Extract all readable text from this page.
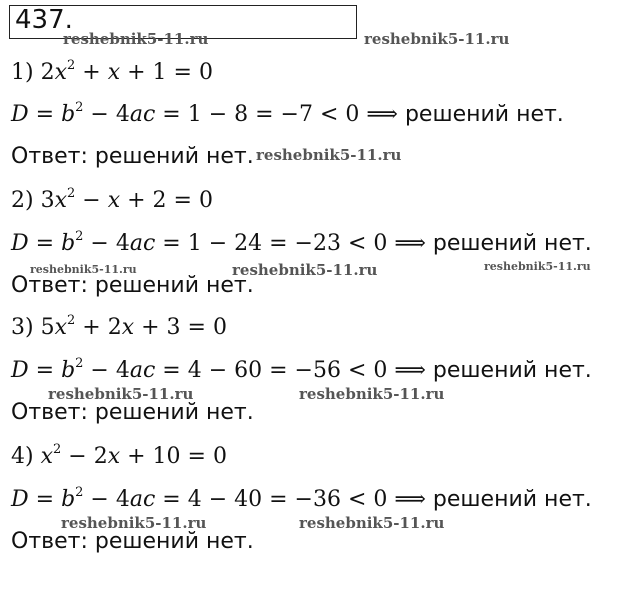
437.
1) $2x^2 + x + 1 = 0$
$D = b^2 - 4ac = 1 - 8 = -7 < 0$ ⟹ решений нет.
Ответ: решений нет.
2) $3x^2 - x + 2 = 0$
$D = b^2 - 4ac = 1 - 24 = -23 < 0$ ⟹ решений нет.
Ответ: решений нет.
3) $5x^2 + 2x + 3 = 0$
$D = b^2 - 4ac = 4 - 60 = -56 < 0$ ⟹ решений нет.
Ответ: решений нет.
4) $x^2 - 2x + 10 = 0$
$D = b^2 - 4ac = 4 - 40 = -36 < 0$ ⟹ решений нет.
Ответ: решений нет.
reshebnik5-11.ru	reshebnik5-11.ru
reshebnik5-11.ru
reshebnik5-11.ru	reshebnik5-11.ru	reshebnik5-11.ru
reshebnik5-11.ru	reshebnik5-11.ru
reshebnik5-11.ru	reshebnik5-11.ru
